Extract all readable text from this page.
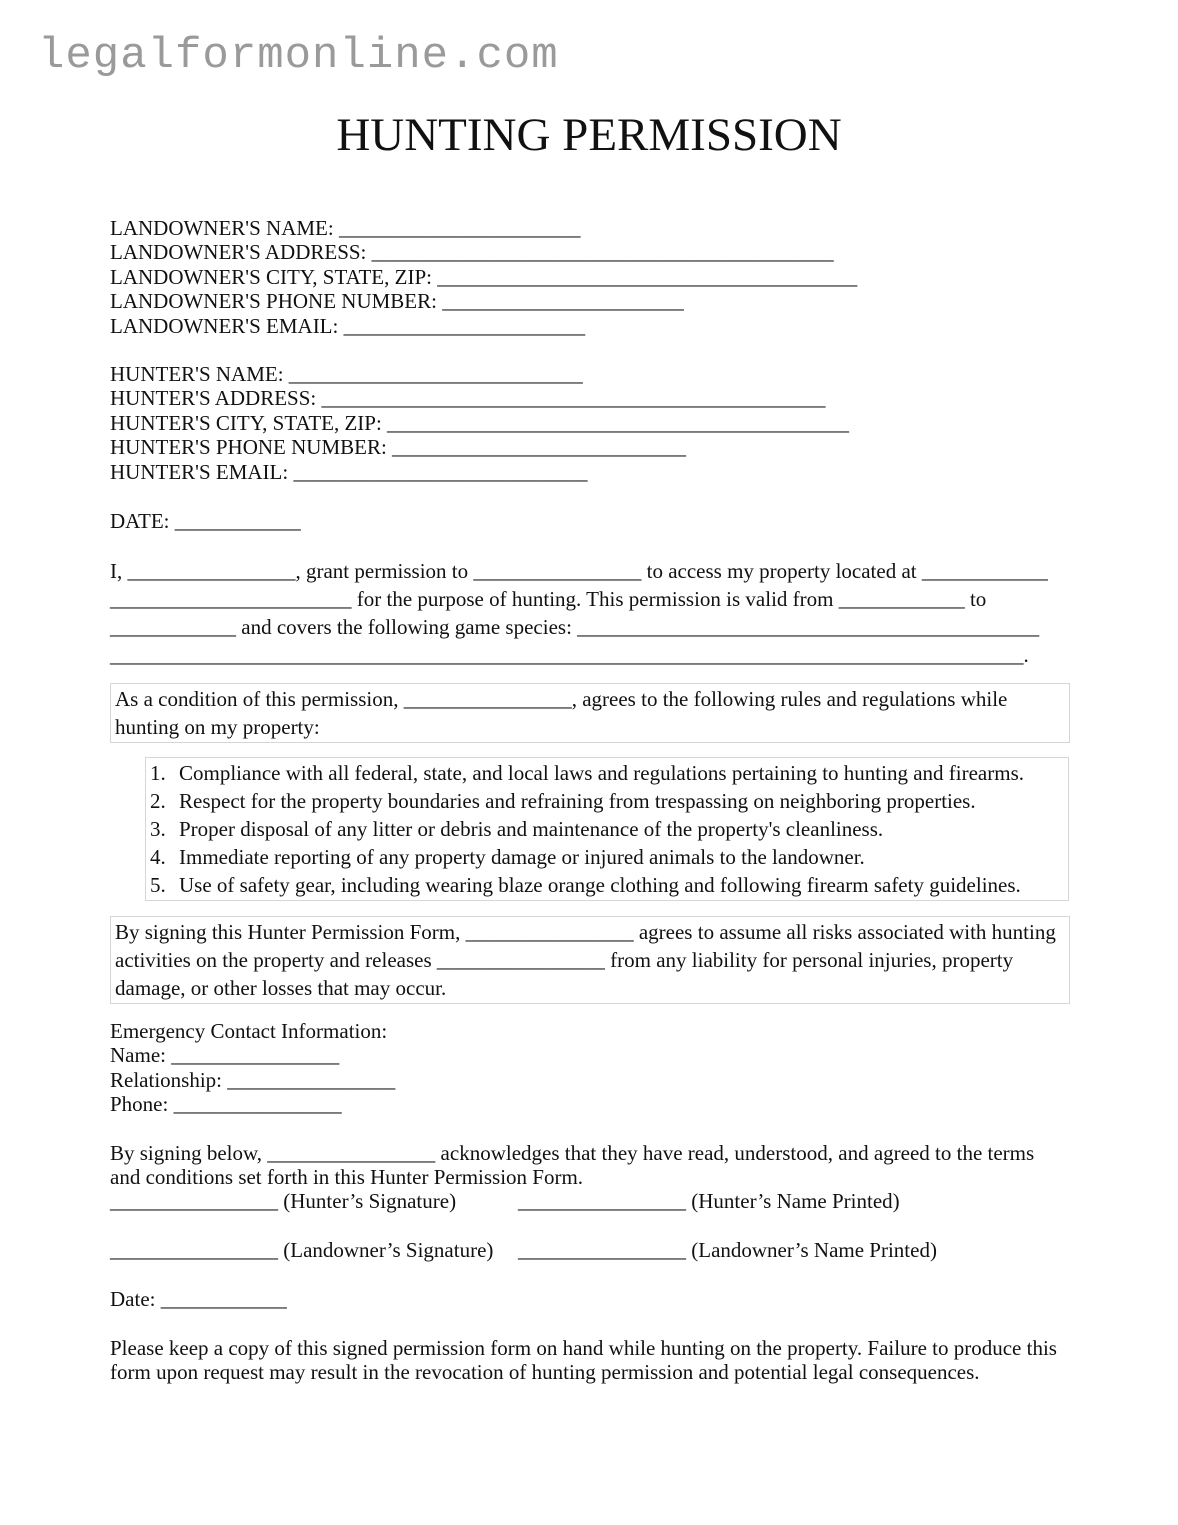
legalformonline.com
HUNTING PERMISSION
LANDOWNER'S NAME: _______________________
LANDOWNER'S ADDRESS: ____________________________________________
LANDOWNER'S CITY, STATE, ZIP: ________________________________________
LANDOWNER'S PHONE NUMBER: _______________________
LANDOWNER'S EMAIL: _______________________
HUNTER'S NAME: ____________________________
HUNTER'S ADDRESS: ________________________________________________
HUNTER'S CITY, STATE, ZIP: ____________________________________________
HUNTER'S PHONE NUMBER: ____________________________
HUNTER'S EMAIL: ____________________________
DATE: ____________
I, ________________, grant permission to ________________ to access my property located at ____________
_______________________ for the purpose of hunting. This permission is valid from ____________ to
____________ and covers the following game species: ____________________________________________
_______________________________________________________________________________________.
As a condition of this permission, ________________, agrees to the following rules and regulations while hunting on my property:
1. Compliance with all federal, state, and local laws and regulations pertaining to hunting and firearms.
2. Respect for the property boundaries and refraining from trespassing on neighboring properties.
3. Proper disposal of any litter or debris and maintenance of the property's cleanliness.
4. Immediate reporting of any property damage or injured animals to the landowner.
5. Use of safety gear, including wearing blaze orange clothing and following firearm safety guidelines.
By signing this Hunter Permission Form, ________________ agrees to assume all risks associated with hunting activities on the property and releases ________________ from any liability for personal injuries, property damage, or other losses that may occur.
Emergency Contact Information:
Name: ________________
Relationship: ________________
Phone: ________________
By signing below, ________________ acknowledges that they have read, understood, and agreed to the terms and conditions set forth in this Hunter Permission Form.
________________ (Hunter’s Signature)	________________ (Hunter’s Name Printed)
________________ (Landowner’s Signature) ________________ (Landowner’s Name Printed)
Date: ____________
Please keep a copy of this signed permission form on hand while hunting on the property. Failure to produce this form upon request may result in the revocation of hunting permission and potential legal consequences.
